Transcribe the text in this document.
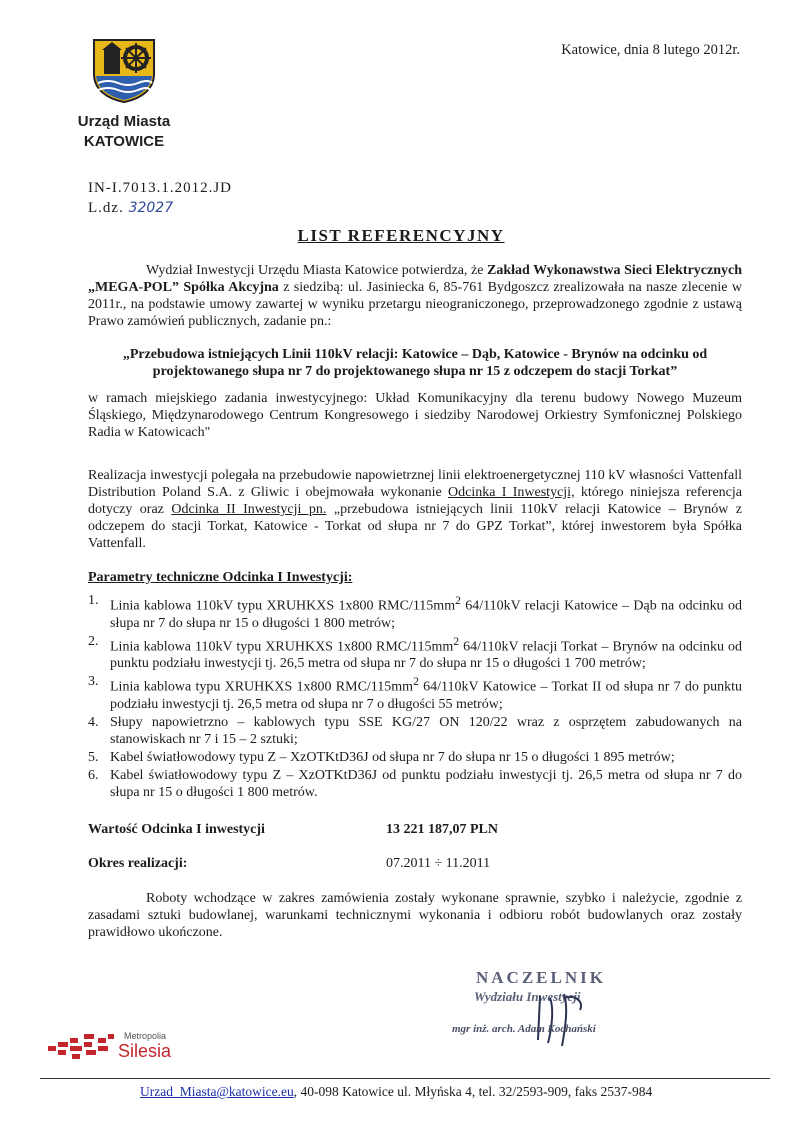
Urząd Miasta
KATOWICE
Katowice, dnia 8 lutego 2012r.
IN-I.7013.1.2012.JD
L.dz. 32027
LIST REFERENCYJNY
Wydział Inwestycji Urzędu Miasta Katowice potwierdza, że Zakład Wykonawstwa Sieci Elektrycznych „MEGA-POL” Spółka Akcyjna z siedzibą: ul. Jasiniecka 6, 85-761 Bydgoszcz zrealizowała na nasze zlecenie w 2011r., na podstawie umowy zawartej w wyniku przetargu nieograniczonego, przeprowadzonego zgodnie z ustawą Prawo zamówień publicznych, zadanie pn.:
„Przebudowa istniejących Linii 110kV relacji: Katowice – Dąb, Katowice - Brynów na odcinku od projektowanego słupa nr 7 do projektowanego słupa nr 15 z odczepem do stacji Torkat”
w ramach miejskiego zadania inwestycyjnego: Układ Komunikacyjny dla terenu budowy Nowego Muzeum Śląskiego, Międzynarodowego Centrum Kongresowego i siedziby Narodowej Orkiestry Symfonicznej Polskiego Radia w Katowicach"
Realizacja inwestycji polegała na przebudowie napowietrznej linii elektroenergetycznej 110 kV własności Vattenfall Distribution Poland S.A. z Gliwic i obejmowała wykonanie Odcinka I Inwestycji, którego niniejsza referencja dotyczy oraz Odcinka II Inwestycji pn. „przebudowa istniejących linii 110kV relacji Katowice – Brynów z odczepem do stacji Torkat, Katowice - Torkat od słupa nr 7 do GPZ Torkat”, której inwestorem była Spółka Vattenfall.
Parametry techniczne Odcinka I Inwestycji:
1. Linia kablowa 110kV typu XRUHKXS 1x800 RMC/$115mm^2$ 64/110kV relacji Katowice – Dąb na odcinku od słupa nr 7 do słupa nr 15 o długości 1 800 metrów;
2. Linia kablowa 110kV typu XRUHKXS 1x800 RMC/$115mm^2$ 64/110kV relacji Torkat – Brynów na odcinku od punktu podziału inwestycji tj. 26,5 metra od słupa nr 7 do słupa nr 15 o długości 1 700 metrów;
3. Linia kablowa typu XRUHKXS 1x800 RMC/$115mm^2$ 64/110kV Katowice – Torkat II od słupa nr 7 do punktu podziału inwestycji tj. 26,5 metra od słupa nr 7 o długości 55 metrów;
4. Słupy napowietrzno – kablowych typu SSE KG/27 ON 120/22 wraz z osprzętem zabudowanych na stanowiskach nr 7 i 15 – 2 sztuki;
5. Kabel światłowodowy typu Z – XzOTKtD36J od słupa nr 7 do słupa nr 15 o długości 1 895 metrów;
6. Kabel światłowodowy typu Z – XzOTKtD36J od punktu podziału inwestycji tj. 26,5 metra od słupa nr 7 do słupa nr 15 o długości 1 800 metrów.
Wartość Odcinka I inwestycji	13 221 187,07 PLN
Okres realizacji:	07.2011 ÷ 11.2011
Roboty wchodzące w zakres zamówienia zostały wykonane sprawnie, szybko i należycie, zgodnie z zasadami sztuki budowlanej, warunkami technicznymi wykonania i odbioru robót budowlanych oraz zostały prawidłowo ukończone.
NACZELNIK
Wydziału Inwestycji
mgr inż. arch. Adam Kochański
Metropolia
Silesia
Urzad_Miasta@katowice.eu, 40-098 Katowice ul. Młyńska 4, tel. 32/2593-909, faks 2537-984
